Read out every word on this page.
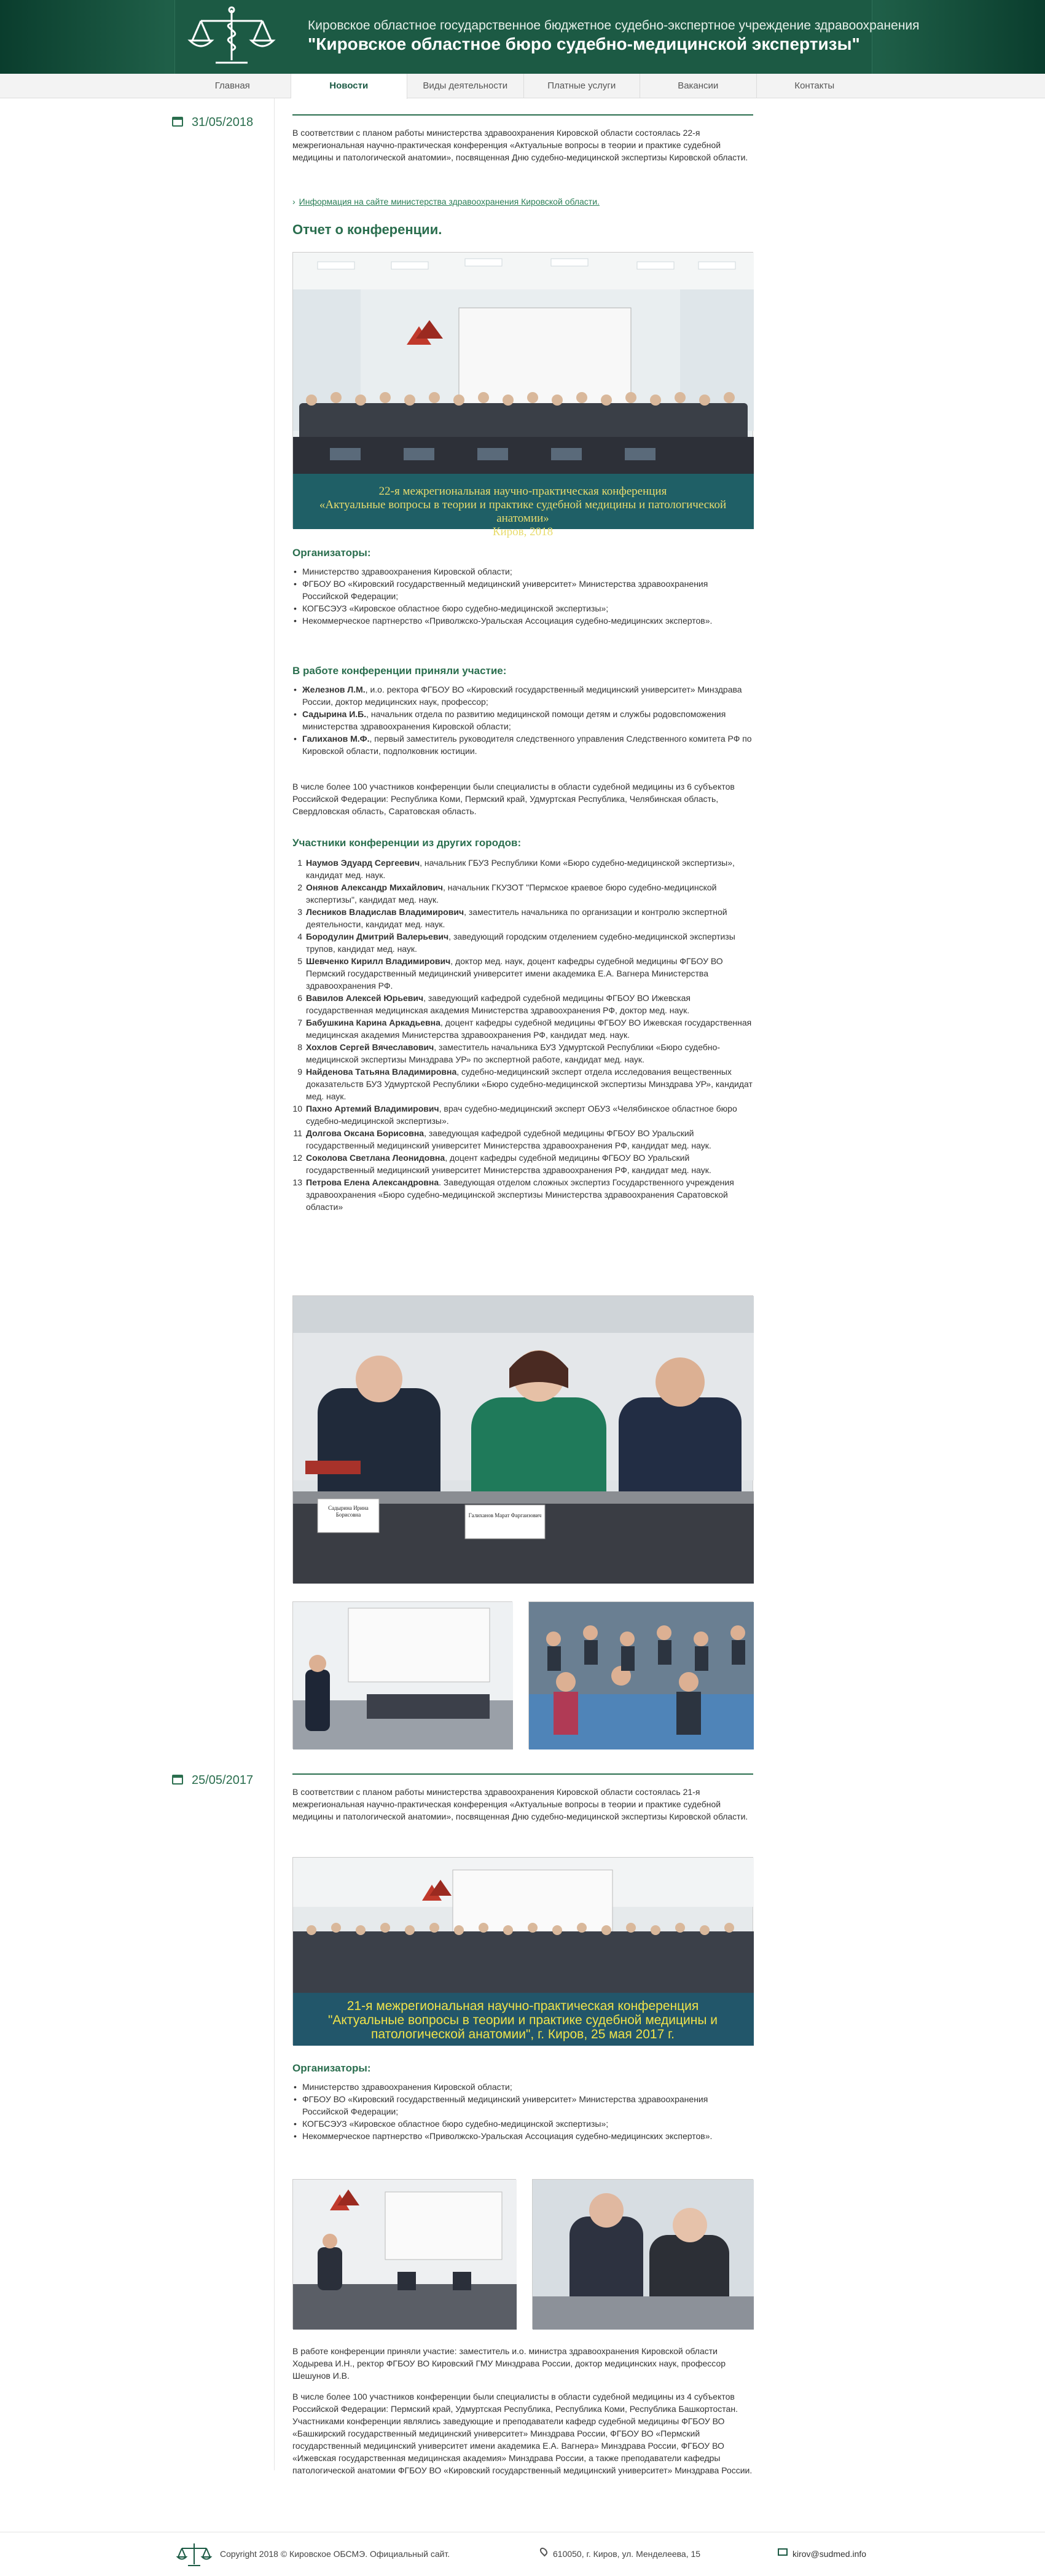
Кировское областное государственное бюджетное судебно-экспертное учреждение здравоохранения
"Кировское областное бюро судебно-медицинской экспертизы"
Главная	Новости	Виды деятельности	Платные услуги	Вакансии	Контакты
31/05/2018

В соответствии с планом работы министерства здравоохранения Кировской области состоялась 22-я межрегиональная научно-практическая конференция «Актуальные вопросы в теории и практике судебной медицины и патологической анатомии», посвященная Дню судебно-медицинской экспертизы Кировской области.

› Информация на сайте министерства здравоохранения Кировской области.
Отчет о конференции.
22-я межрегиональная научно-практическая конференция
«Актуальные вопросы в теории и практике судебной медицины и патологической анатомии»
Киров, 2018
Организаторы:
• Министерство здравоохранения Кировской области;
• ФГБОУ ВО «Кировский государственный медицинский университет» Министерства здравоохранения Российской Федерации;
• КОГБСЭУЗ «Кировское областное бюро судебно-медицинской экспертизы»;
• Некоммерческое партнерство «Приволжско-Уральская Ассоциация судебно-медицинских экспертов».
В работе конференции приняли участие:
• Железнов Л.М., и.о. ректора ФГБОУ ВО «Кировский государственный медицинский университет» Минздрава России, доктор медицинских наук, профессор;
• Садырина И.Б., начальник отдела по развитию медицинской помощи детям и службы родовспоможения министерства здравоохранения Кировской области;
• Галиханов М.Ф., первый заместитель руководителя следственного управления Следственного комитета РФ по Кировской области, подполковник юстиции.

В числе более 100 участников конференции были специалисты в области судебной медицины из 6 субъектов Российской Федерации: Республика Коми, Пермский край, Удмуртская Республика, Челябинская область, Свердловская область, Саратовская область.

Участники конференции из других городов:
1 Наумов Эдуард Сергеевич, начальник ГБУЗ Республики Коми «Бюро судебно-медицинской экспертизы», кандидат мед. наук.
2 Онянов Александр Михайлович, начальник ГКУЗОТ "Пермское краевое бюро судебно-медицинской экспертизы", кандидат мед. наук.
3 Лесников Владислав Владимирович, заместитель начальника по организации и контролю экспертной деятельности, кандидат мед. наук.
4 Бородулин Дмитрий Валерьевич, заведующий городским отделением судебно-медицинской экспертизы трупов, кандидат мед. наук.
5 Шевченко Кирилл Владимирович, доктор мед. наук, доцент кафедры судебной медицины ФГБОУ ВО Пермский государственный медицинский университет имени академика Е.А. Вагнера Министерства здравоохранения РФ.
6 Вавилов Алексей Юрьевич, заведующий кафедрой судебной медицины ФГБОУ ВО Ижевская государственная медицинская академия Министерства здравоохранения РФ, доктор мед. наук.
7 Бабушкина Карина Аркадьевна, доцент кафедры судебной медицины ФГБОУ ВО Ижевская государственная медицинская академия Министерства здравоохранения РФ, кандидат мед. наук.
8 Хохлов Сергей Вячеславович, заместитель начальника БУЗ Удмуртской Республики «Бюро судебно-медицинской экспертизы Минздрава УР» по экспертной работе, кандидат мед. наук.
9 Найденова Татьяна Владимировна, судебно-медицинский эксперт отдела исследования вещественных доказательств БУЗ Удмуртской Республики «Бюро судебно-медицинской экспертизы Минздрава УР», кандидат мед. наук.
10 Пахно Артемий Владимирович, врач судебно-медицинский эксперт ОБУЗ «Челябинское областное бюро судебно-медицинской экспертизы».
11 Долгова Оксана Борисовна, заведующая кафедрой судебной медицины ФГБОУ ВО Уральский государственный медицинский университет Министерства здравоохранения РФ, кандидат мед. наук.
12 Соколова Светлана Леонидовна, доцент кафедры судебной медицины ФГБОУ ВО Уральский государственный медицинский университет Министерства здравоохранения РФ, кандидат мед. наук.
13 Петрова Елена Александровна. Заведующая отделом сложных экспертиз Государственного учреждения здравоохранения «Бюро судебно-медицинской экспертизы Министерства здравоохранения Саратовской области»
Садырина Ирина Борисовна	Галиханов Марат Фаргаизович
25/05/2017

В соответствии с планом работы министерства здравоохранения Кировской области состоялась 21-я межрегиональная научно-практическая конференция «Актуальные вопросы в теории и практике судебной медицины и патологической анатомии», посвященная Дню судебно-медицинской экспертизы Кировской области.

21-я межрегиональная научно-практическая конференция
"Актуальные вопросы в теории и практике судебной медицины и патологической анатомии", г. Киров, 25 мая 2017 г.
Организаторы:
• Министерство здравоохранения Кировской области;
• ФГБОУ ВО «Кировский государственный медицинский университет» Министерства здравоохранения Российской Федерации;
• КОГБСЭУЗ «Кировское областное бюро судебно-медицинской экспертизы»;
• Некоммерческое партнерство «Приволжско-Уральская Ассоциация судебно-медицинских экспертов».

В работе конференции приняли участие: заместитель и.о. министра здравоохранения Кировской области Ходырева И.Н., ректор ФГБОУ ВО Кировский ГМУ Минздрава России, доктор медицинских наук, профессор Шешунов И.В.

В числе более 100 участников конференции были специалисты в области судебной медицины из 4 субъектов Российской Федерации: Пермский край, Удмуртская Республика, Республика Коми, Республика Башкортостан. Участниками конференции являлись заведующие и преподаватели кафедр судебной медицины ФГБОУ ВО «Башкирский государственный медицинский университет» Минздрава России, ФГБОУ ВО «Пермский государственный медицинский университет имени академика Е.А. Вагнера» Минздрава России, ФГБОУ ВО «Ижевская государственная медицинская академия» Минздрава России, а также преподаватели кафедры патологической анатомии ФГБОУ ВО «Кировский государственный медицинский университет» Минздрава России.

Copyright 2018 © Кировское ОБСМЭ. Официальный сайт.	610050, г. Киров, ул. Менделеева, 15	kirov@sudmed.info
